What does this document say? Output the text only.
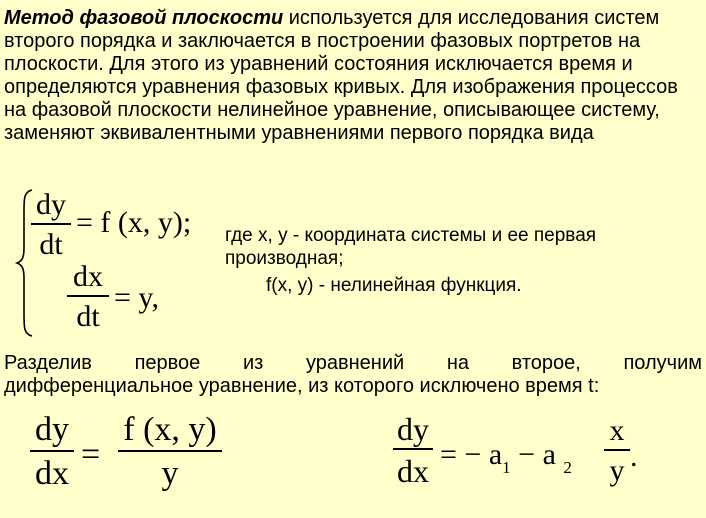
Метод фазовой плоскости используется для исследования систем второго порядка и заключается в построении фазовых портретов на плоскости. Для этого из уравнений состояния исключается время и определяются уравнения фазовых кривых. Для изображения процессов на фазовой плоскости нелинейное уравнение, описывающее систему, заменяют эквивалентными уравнениями первого порядка вида
dy
dt
= f (x, y);
dx
dt
= y,
где x, y - координата системы и ее первая
производная;
f(x, y) - нелинейная функция.
Разделив первое из уравнений на второе, получим
дифференциальное уравнение, из которого исключено время t:
dy
dx
=
f (x, y)
y
dy
dx = − $a_1 - a$ $_2$
x
y .
